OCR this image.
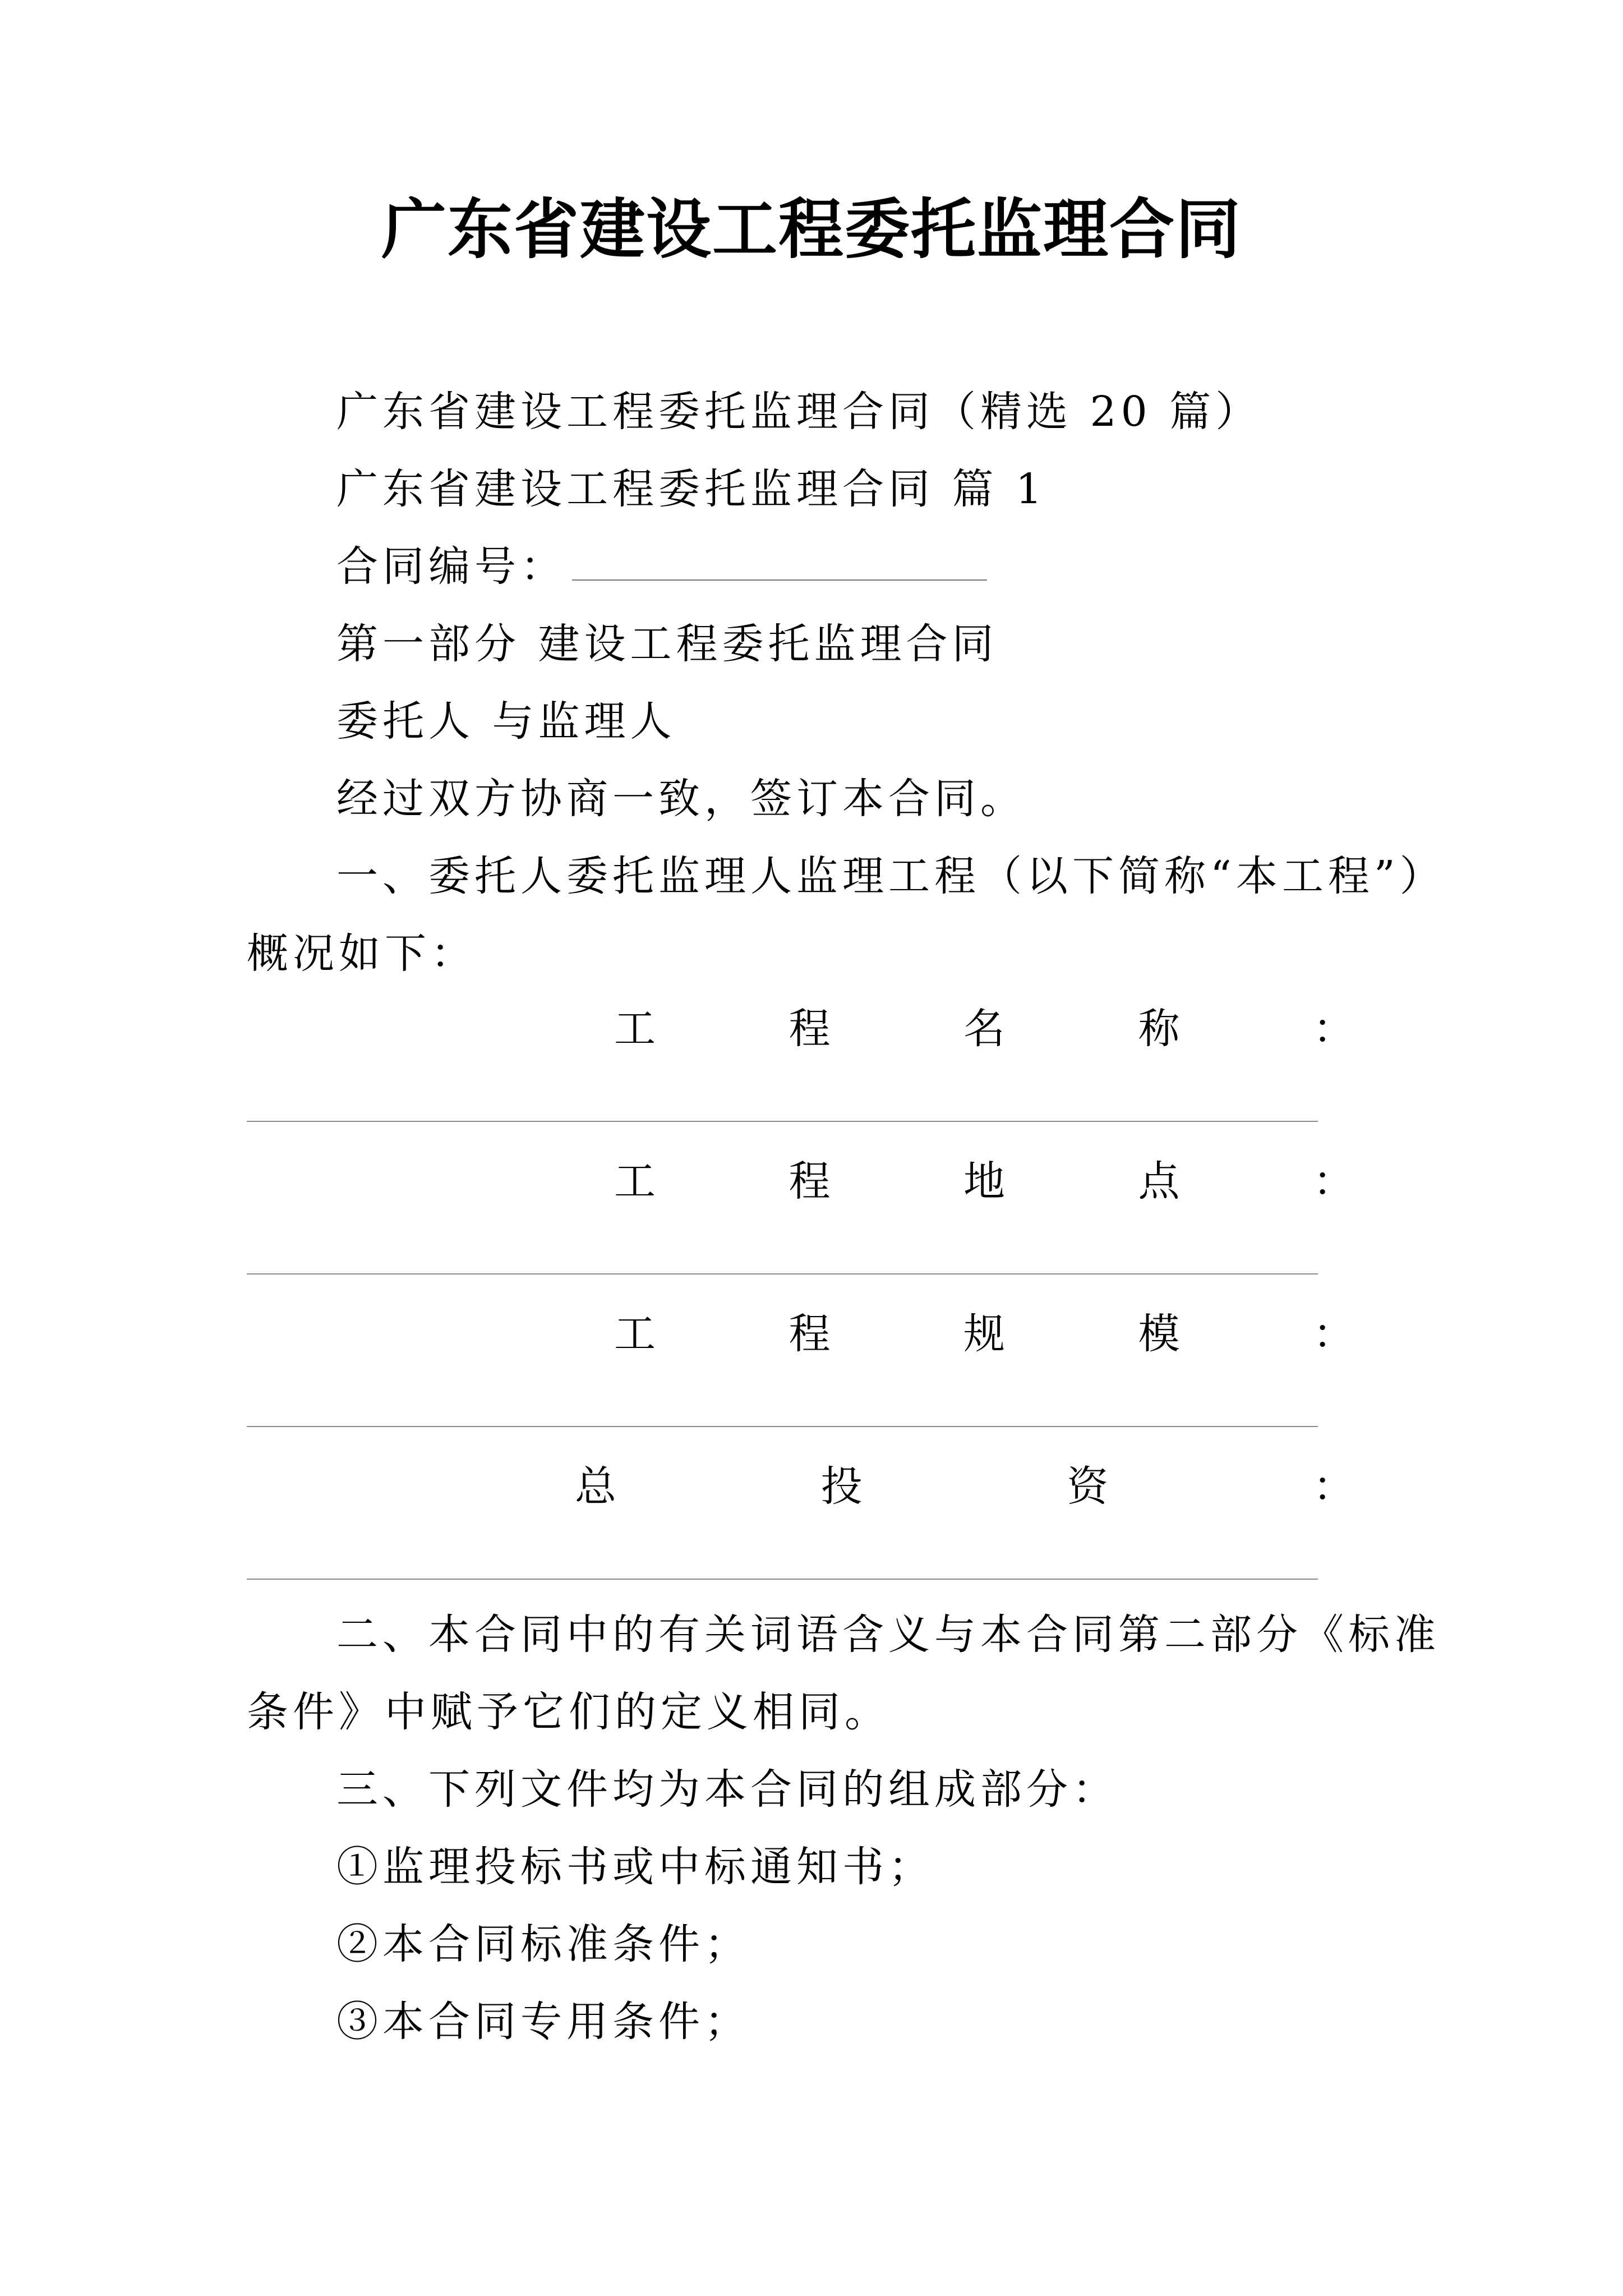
广东省建设工程委托监理合同
广东省建设工程委托监理合同（精选 20 篇）
广东省建设工程委托监理合同 篇 1
合同编号：
第一部分 建设工程委托监理合同
委托人 与监理人
经过双方协商一致，签订本合同。
一、委托人委托监理人监理工程（以下简称“本工程”）
概况如下：
工	程	名	称	：
工	程	地	点	：
工	程	规	模	：
总	投	资	：
二、本合同中的有关词语含义与本合同第二部分《标准
条件》中赋予它们的定义相同。
三、下列文件均为本合同的组成部分：
①监理投标书或中标通知书；
②本合同标准条件；
③本合同专用条件；
